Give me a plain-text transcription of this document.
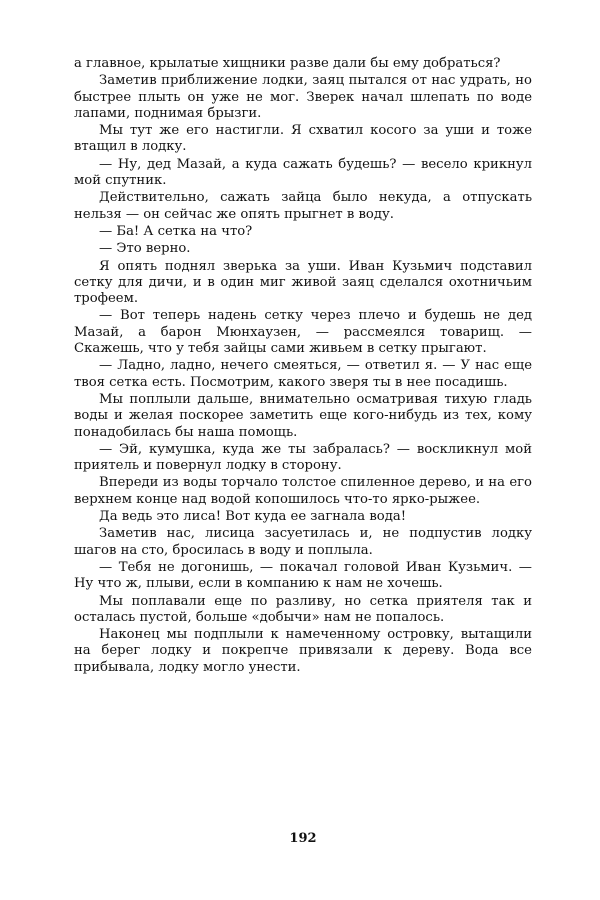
а главное, крылатые хищники разве дали бы ему добраться?

Заметив приближение лодки, заяц пытался от нас удрать, но быстрее плыть он уже не мог. Зверек начал шлепать по воде лапами, поднимая брызги.

Мы тут же его настигли. Я схватил косого за уши и тоже втащил в лодку.

— Ну, дед Мазай, а куда сажать будешь? — весело крикнул мой спутник.

Действительно, сажать зайца было некуда, а отпускать нельзя — он сейчас же опять прыгнет в воду.

— Ба! А сетка на что?

— Это верно.

Я опять поднял зверька за уши. Иван Кузьмич подставил сетку для дичи, и в один миг живой заяц сделался охотничьим трофеем.

— Вот теперь надень сетку через плечо и будешь не дед Мазай, а барон Мюнхаузен, — рассмеялся товарищ. — Скажешь, что у тебя зайцы сами живьем в сетку прыгают.

— Ладно, ладно, нечего смеяться, — ответил я. — У нас еще твоя сетка есть. Посмотрим, какого зверя ты в нее посадишь.

Мы поплыли дальше, внимательно осматривая тихую гладь воды и желая поскорее заметить еще кого-нибудь из тех, кому понадобилась бы наша помощь.

— Эй, кумушка, куда же ты забралась? — воскликнул мой приятель и повернул лодку в сторону.

Впереди из воды торчало толстое спиленное дерево, и на его верхнем конце над водой копошилось что-то ярко-рыжее.

Да ведь это лиса! Вот куда ее загнала вода!

Заметив нас, лисица засуетилась и, не подпустив лодку шагов на сто, бросилась в воду и поплыла.

— Тебя не догонишь, — покачал головой Иван Кузьмич. — Ну что ж, плыви, если в компанию к нам не хочешь.

Мы поплавали еще по разливу, но сетка приятеля так и осталась пустой, больше «добычи» нам не попалось.

Наконец мы подплыли к намеченному островку, вытащили на берег лодку и покрепче привязали к дереву. Вода все прибывала, лодку могло унести.

192
